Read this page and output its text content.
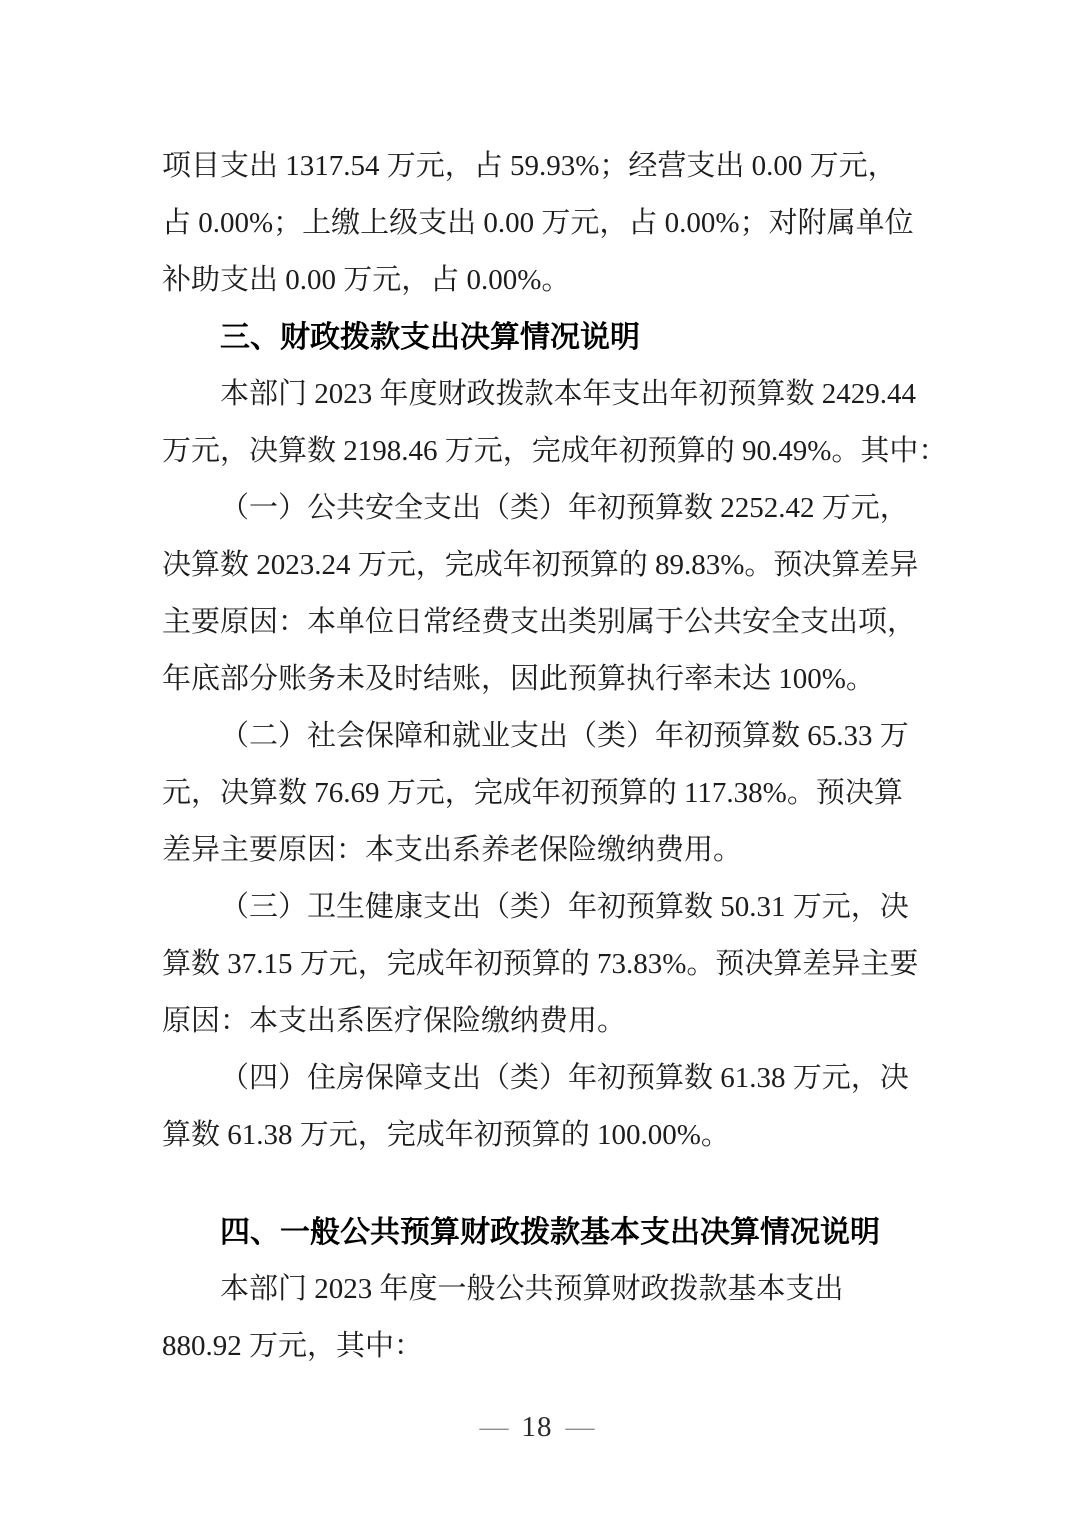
项目支出 1317.54 万元，占 59.93%；经营支出 0.00 万元，
占 0.00%；上缴上级支出 0.00 万元，占 0.00%；对附属单位
补助支出 0.00 万元，占 0.00%。
三、财政拨款支出决算情况说明
本部门 2023 年度财政拨款本年支出年初预算数 2429.44
万元，决算数 2198.46 万元，完成年初预算的 90.49%。其中：
（一）公共安全支出（类）年初预算数 2252.42 万元，
决算数 2023.24 万元，完成年初预算的 89.83%。预决算差异
主要原因：本单位日常经费支出类别属于公共安全支出项，
年底部分账务未及时结账，因此预算执行率未达 100%。
（二）社会保障和就业支出（类）年初预算数 65.33 万
元，决算数 76.69 万元，完成年初预算的 117.38%。预决算
差异主要原因：本支出系养老保险缴纳费用。
（三）卫生健康支出（类）年初预算数 50.31 万元，决
算数 37.15 万元，完成年初预算的 73.83%。预决算差异主要
原因：本支出系医疗保险缴纳费用。
（四）住房保障支出（类）年初预算数 61.38 万元，决
算数 61.38 万元，完成年初预算的 100.00%。
四、一般公共预算财政拨款基本支出决算情况说明
本部门 2023 年度一般公共预算财政拨款基本支出
880.92 万元，其中：
— 18 —
